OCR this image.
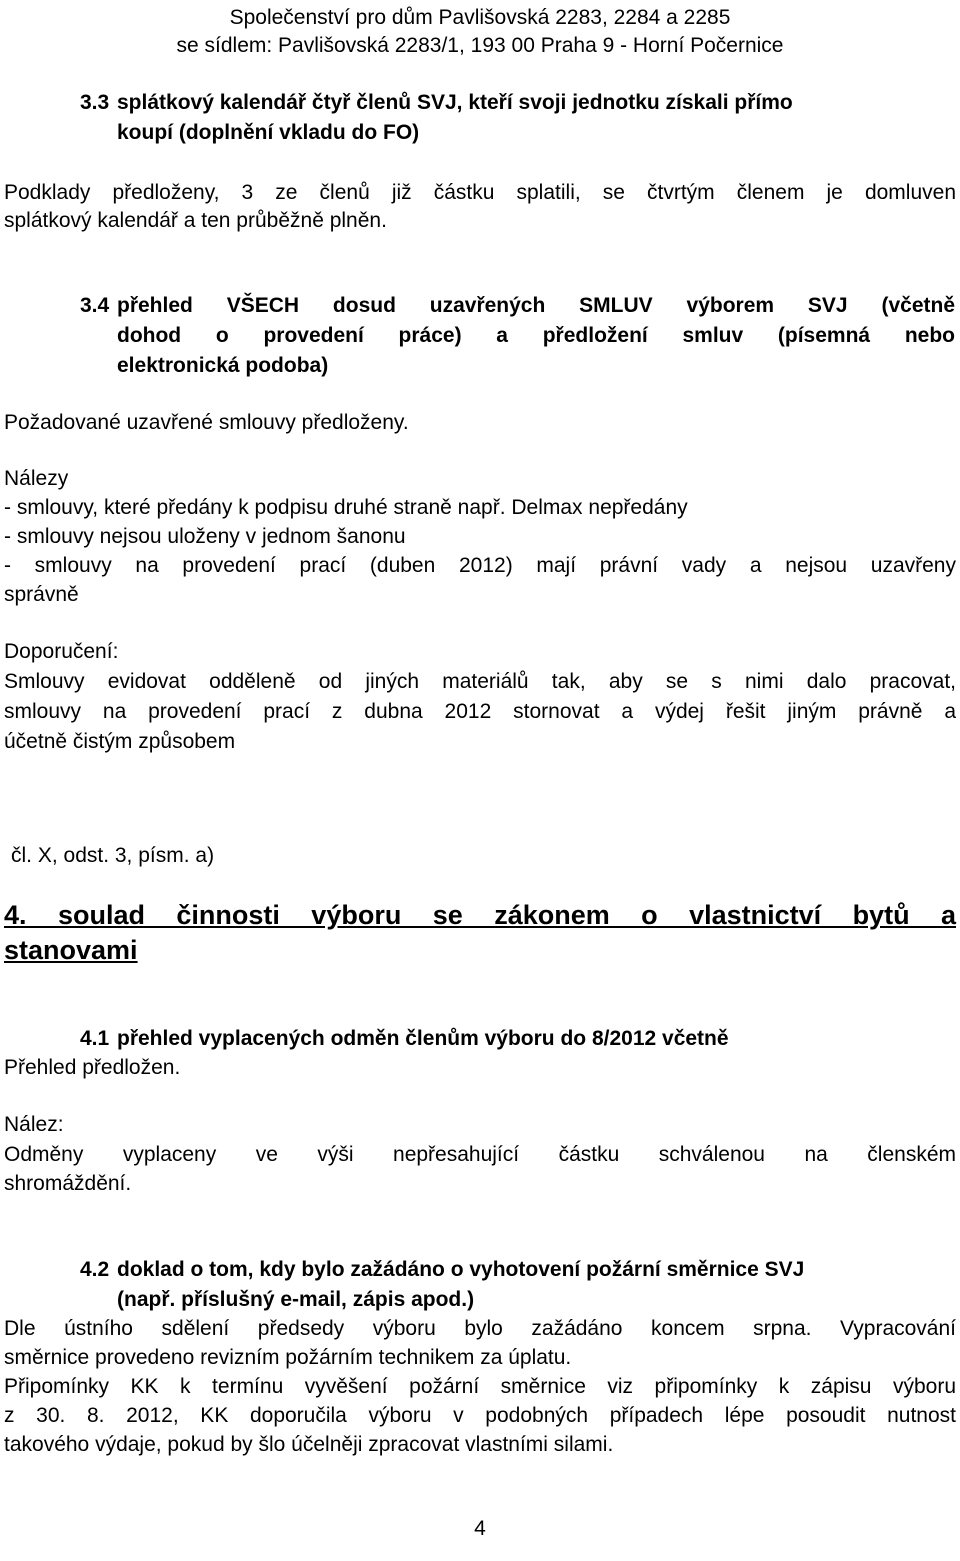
Společenství pro dům Pavlišovská 2283, 2284 a 2285
se sídlem: Pavlišovská 2283/1, 193 00 Praha 9 - Horní Počernice
3.3 splátkový kalendář čtyř členů SVJ, kteří svoji jednotku získali přímo
koupí (doplnění vkladu do FO)
Podklady předloženy, 3 ze členů již částku splatili, se čtvrtým členem je domluven
splátkový kalendář a ten průběžně plněn.
3.4 přehled VŠECH dosud uzavřených SMLUV výborem SVJ (včetně
dohod o provedení práce) a předložení smluv (písemná nebo
elektronická podoba)
Požadované uzavřené smlouvy předloženy.
Nálezy
- smlouvy, které předány k podpisu druhé straně např. Delmax nepředány
- smlouvy nejsou uloženy v jednom šanonu
- smlouvy na provedení prací (duben 2012) mají právní vady a nejsou uzavřeny
správně
Doporučení:
Smlouvy evidovat odděleně od jiných materiálů tak, aby se s nimi dalo pracovat,
smlouvy na provedení prací z dubna 2012 stornovat a výdej řešit jiným právně a
účetně čistým způsobem
čl. X, odst. 3, písm. a)
4. soulad činnosti výboru se zákonem o vlastnictví bytů a
stanovami
4.1 přehled vyplacených odměn členům výboru do 8/2012 včetně
Přehled předložen.
Nález:
Odměny vyplaceny ve výši nepřesahující částku schválenou na členském
shromáždění.
4.2 doklad o tom, kdy bylo zažádáno o vyhotovení požární směrnice SVJ
(např. příslušný e-mail, zápis apod.)
Dle ústního sdělení předsedy výboru bylo zažádáno koncem srpna. Vypracování
směrnice provedeno revizním požárním technikem za úplatu.
Připomínky KK k termínu vyvěšení požární směrnice viz připomínky k zápisu výboru
z 30. 8. 2012, KK doporučila výboru v podobných případech lépe posoudit nutnost
takového výdaje, pokud by šlo účelněji zpracovat vlastními silami.
4
